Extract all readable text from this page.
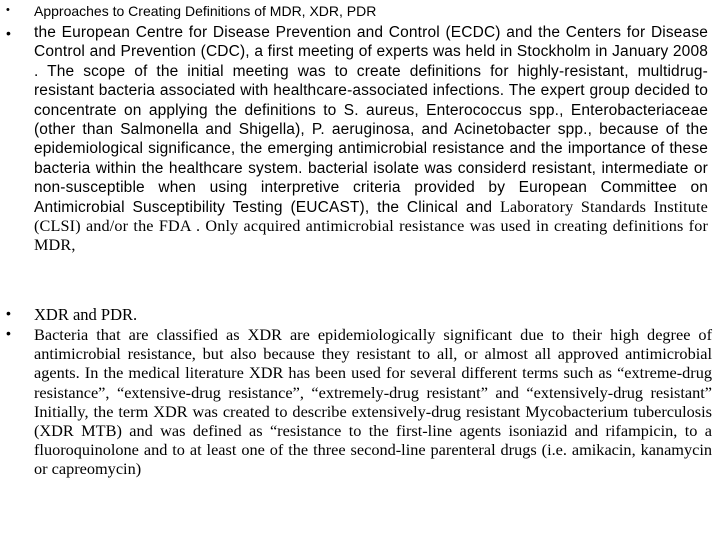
• Approaches to Creating Definitions of MDR, XDR, PDR
• the European Centre for Disease Prevention and Control (ECDC) and the Centers for Disease Control and Prevention (CDC), a first meeting of experts was held in Stockholm in January 2008 . The scope of the initial meeting was to create definitions for highly-resistant, multidrug-resistant bacteria associated with healthcare-associated infections. The expert group decided to concentrate on applying the definitions to S. aureus, Enterococcus spp., Enterobacteriaceae (other than Salmonella and Shigella), P. aeruginosa, and Acinetobacter spp., because of the epidemiological significance, the emerging antimicrobial resistance and the importance of these bacteria within the healthcare system. bacterial isolate was considerd resistant, intermediate or non-susceptible when using interpretive criteria provided by European Committee on Antimicrobial Susceptibility Testing (EUCAST), the Clinical and Laboratory Standards Institute (CLSI) and/or the FDA . Only acquired antimicrobial resistance was used in creating definitions for MDR,
• XDR and PDR.
• Bacteria that are classified as XDR are epidemiologically significant due to their high degree of antimicrobial resistance, but also because they resistant to all, or almost all approved antimicrobial agents. In the medical literature XDR has been used for several different terms such as “extreme-drug resistance”, “extensive-drug resistance”, “extremely-drug resistant” and “extensively-drug resistant” Initially, the term XDR was created to describe extensively-drug resistant Mycobacterium tuberculosis (XDR MTB) and was defined as “resistance to the first-line agents isoniazid and rifampicin, to a fluoroquinolone and to at least one of the three second-line parenteral drugs (i.e. amikacin, kanamycin or capreomycin)
